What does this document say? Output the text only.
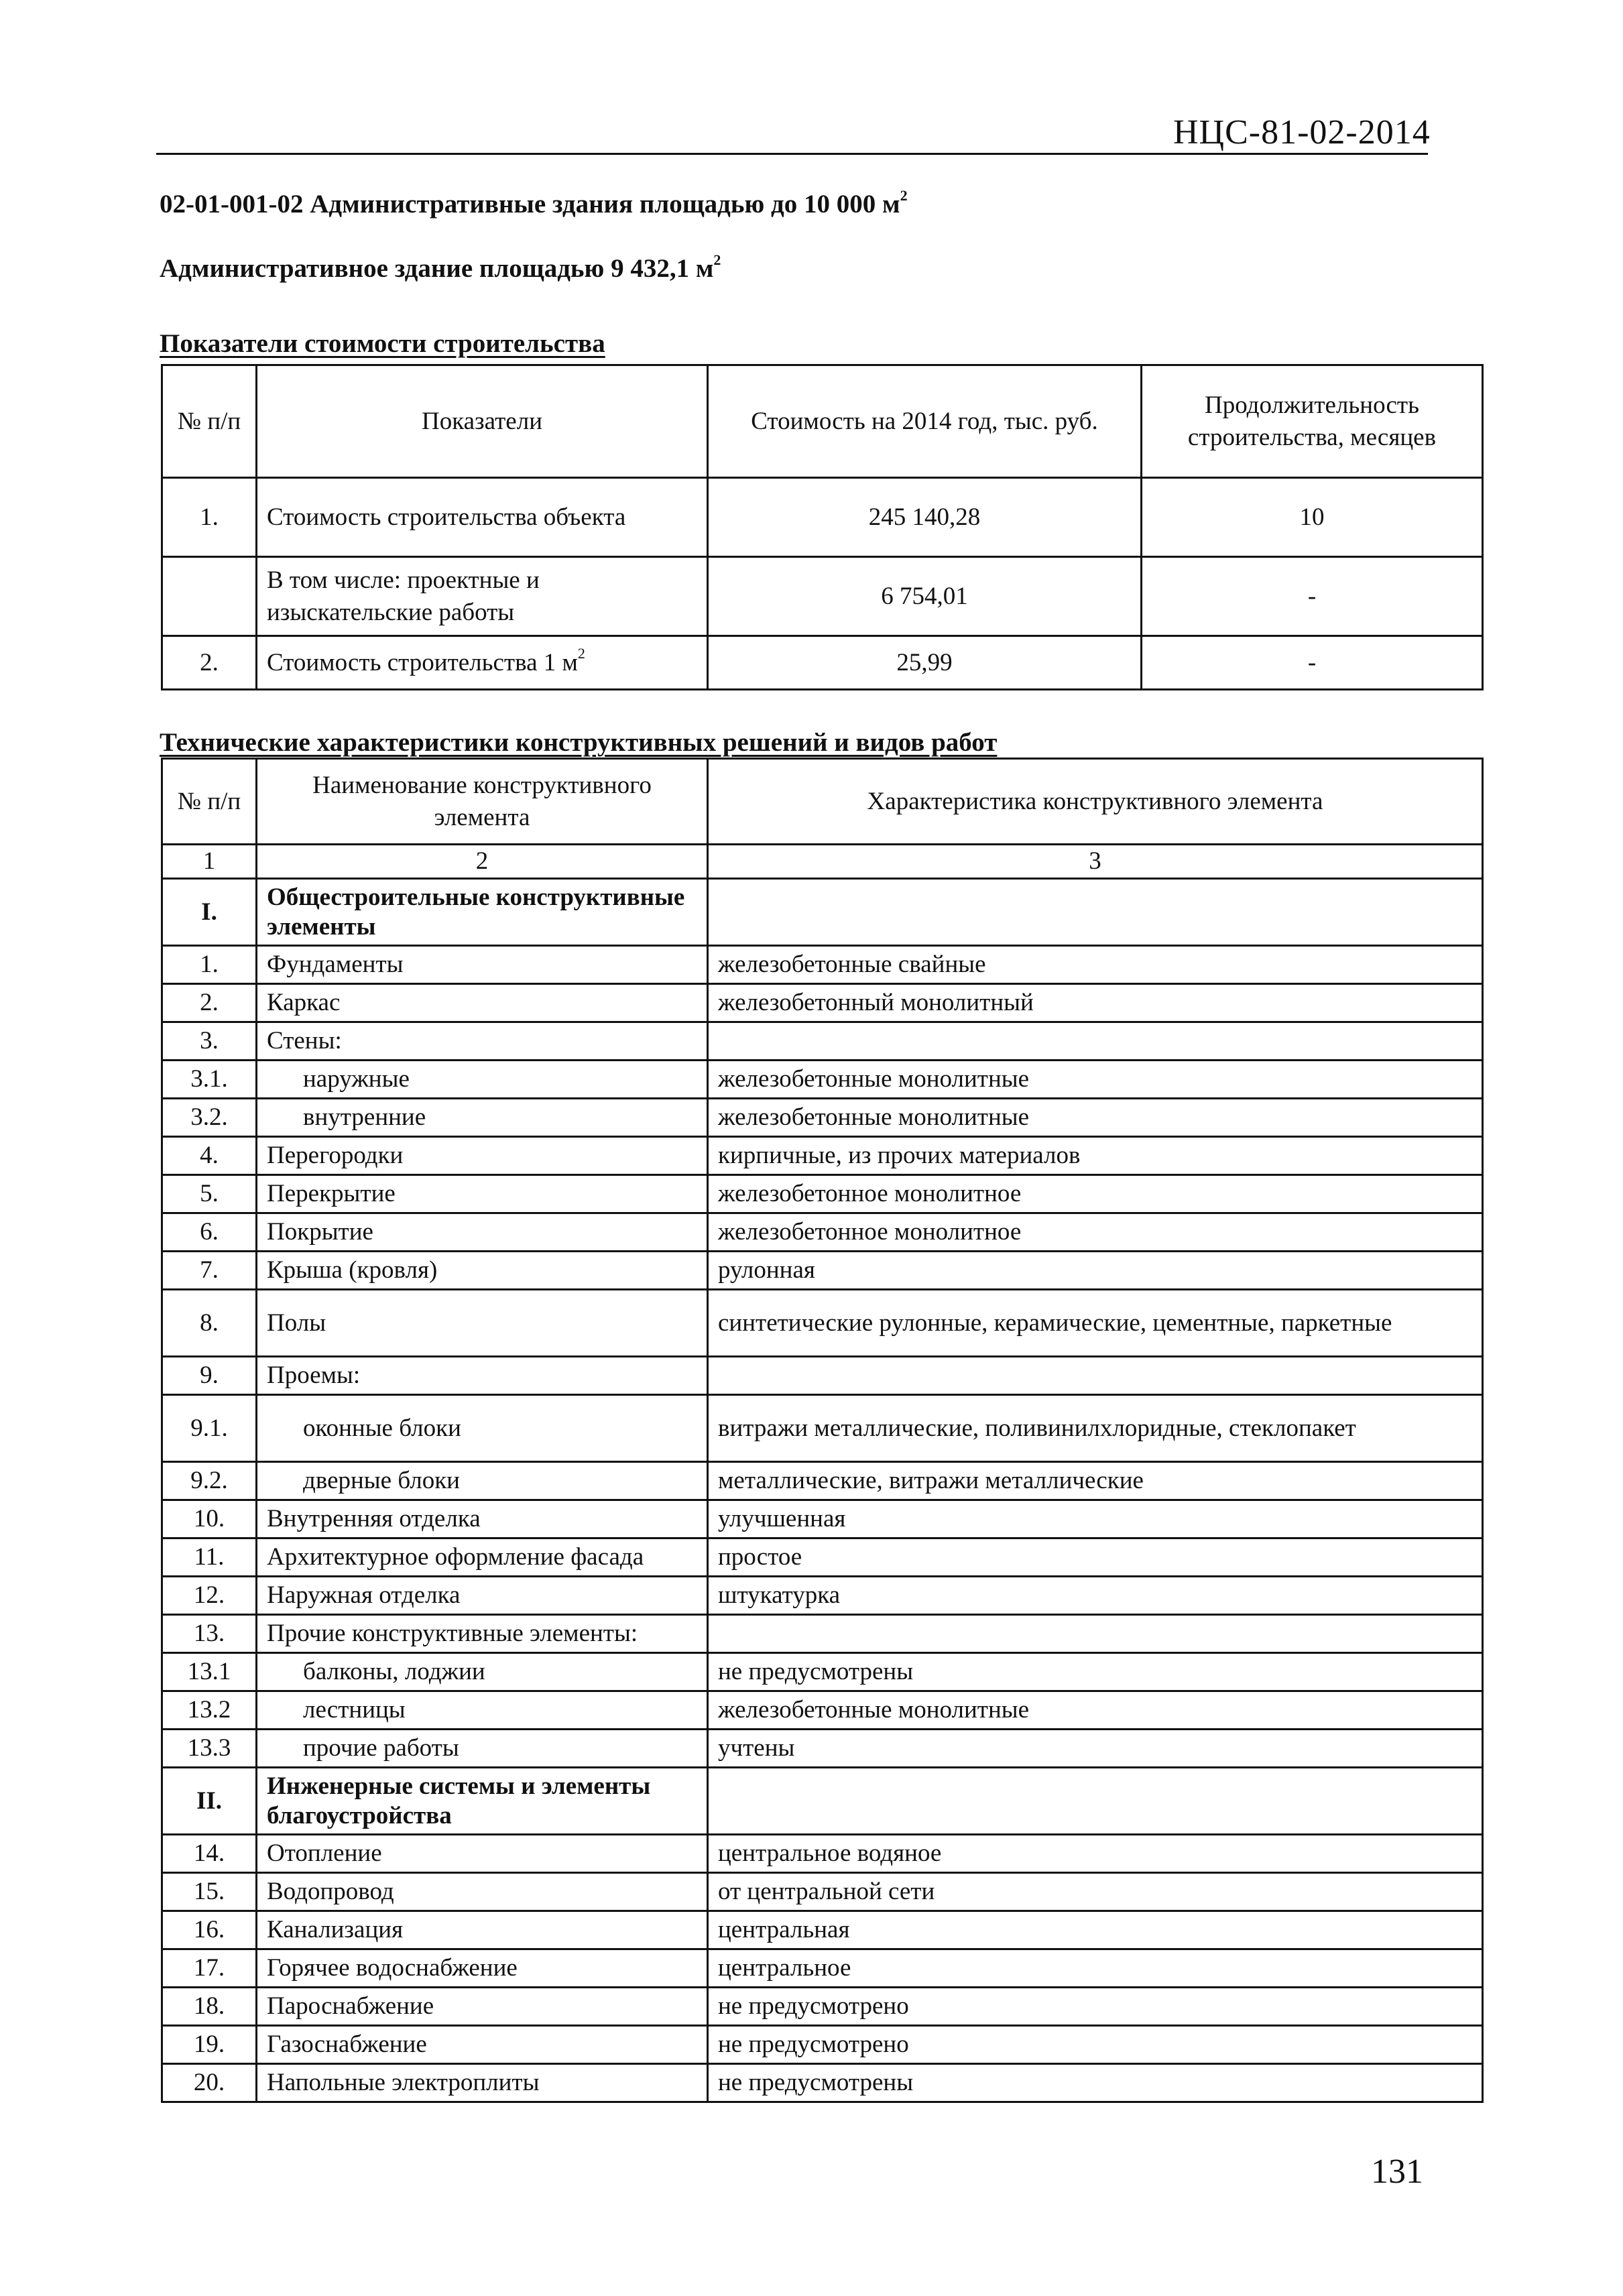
НЦС-81-02-2014
02-01-001-02 Административные здания площадью до 10 000 $м^2$
Административное здание площадью 9 432,1 $м^2$
Показатели стоимости строительства
№ п/п	Показатели	Стоимость на 2014 год, тыс. руб.	Продолжительность строительства, месяцев
1.	Стоимость строительства объекта	245 140,28	10
	В том числе: проектные и изыскательские работы	6 754,01	-
2.	Стоимость строительства 1 $м^2$	25,99	-
Технические характеристики конструктивных решений и видов работ
№ п/п	Наименование конструктивного элемента	Характеристика конструктивного элемента
1	2	3
I.	Общестроительные конструктивные элементы	
1.	Фундаменты	железобетонные свайные
2.	Каркас	железобетонный монолитный
3.	Стены:	
3.1.	наружные	железобетонные монолитные
3.2.	внутренние	железобетонные монолитные
4.	Перегородки	кирпичные, из прочих материалов
5.	Перекрытие	железобетонное монолитное
6.	Покрытие	железобетонное монолитное
7.	Крыша (кровля)	рулонная
8.	Полы	синтетические рулонные, керамические, цементные, паркетные
9.	Проемы:	
9.1.	оконные блоки	витражи металлические, поливинилхлоридные, стеклопакет
9.2.	дверные блоки	металлические, витражи металлические
10.	Внутренняя отделка	улучшенная
11.	Архитектурное оформление фасада	простое
12.	Наружная отделка	штукатурка
13.	Прочие конструктивные элементы:	
13.1	балконы, лоджии	не предусмотрены
13.2	лестницы	железобетонные монолитные
13.3	прочие работы	учтены
II.	Инженерные системы и элементы благоустройства	
14.	Отопление	центральное водяное
15.	Водопровод	от центральной сети
16.	Канализация	центральная
17.	Горячее водоснабжение	центральное
18.	Пароснабжение	не предусмотрено
19.	Газоснабжение	не предусмотрено
20.	Напольные электроплиты	не предусмотрены
131
